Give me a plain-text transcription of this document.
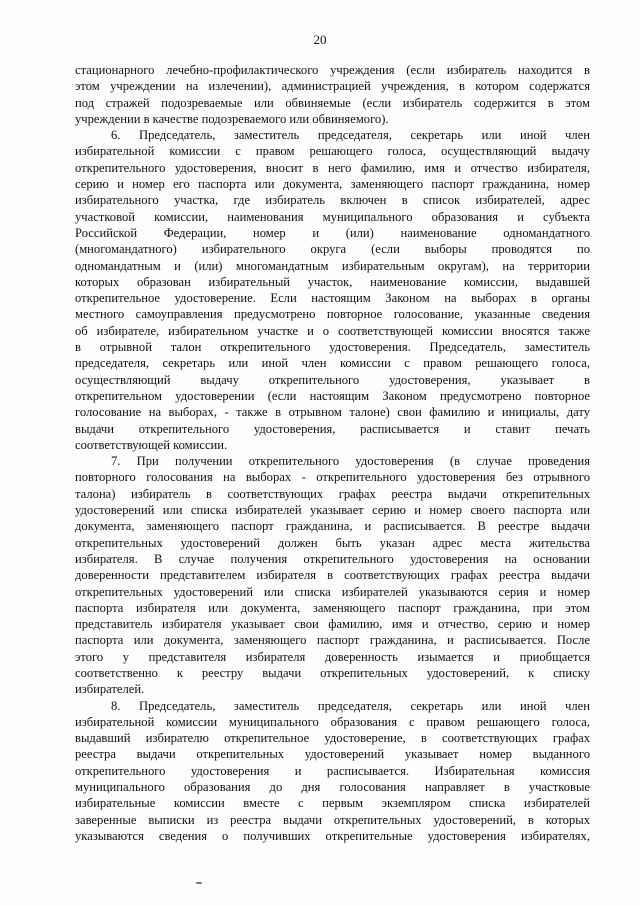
20

стационарного лечебно-профилактического учреждения (если избиратель находится в

этом учреждении на излечении), администрацией учреждения, в котором содержатся

под стражей подозреваемые или обвиняемые (если избиратель содержится в этом

учреждении в качестве подозреваемого или обвиняемого).

6. Председатель, заместитель председателя, секретарь или иной член

избирательной комиссии с правом решающего голоса, осуществляющий выдачу

открепительного удостоверения, вносит в него фамилию, имя и отчество избирателя,

серию и номер его паспорта или документа, заменяющего паспорт гражданина, номер

избирательного участка, где избиратель включен в список избирателей, адрес

участковой комиссии, наименования муниципального образования и субъекта

Российской Федерации, номер и (или) наименование одномандатного

(многомандатного) избирательного округа (если выборы проводятся по

одномандатным и (или) многомандатным избирательным округам), на территории

которых образован избирательный участок, наименование комиссии, выдавшей

открепительное удостоверение. Если настоящим Законом на выборах в органы

местного самоуправления предусмотрено повторное голосование, указанные сведения

об избирателе, избирательном участке и о соответствующей комиссии вносятся также

в отрывной талон открепительного удостоверения. Председатель, заместитель

председателя, секретарь или иной член комиссии с правом решающего голоса,

осуществляющий выдачу открепительного удостоверения, указывает в

открепительном удостоверении (если настоящим Законом предусмотрено повторное

голосование на выборах, - также в отрывном талоне) свои фамилию и инициалы, дату

выдачи открепительного удостоверения, расписывается и ставит печать

соответствующей комиссии.

7. При получении открепительного удостоверения (в случае проведения

повторного голосования на выборах - открепительного удостоверения без отрывного

талона) избиратель в соответствующих графах реестра выдачи открепительных

удостоверений или списка избирателей указывает серию и номер своего паспорта или

документа, заменяющего паспорт гражданина, и расписывается. В реестре выдачи

открепительных удостоверений должен быть указан адрес места жительства

избирателя. В случае получения открепительного удостоверения на основании

доверенности представителем избирателя в соответствующих графах реестра выдачи

открепительных удостоверений или списка избирателей указываются серия и номер

паспорта избирателя или документа, заменяющего паспорт гражданина, при этом

представитель избирателя указывает свои фамилию, имя и отчество, серию и номер

паспорта или документа, заменяющего паспорт гражданина, и расписывается. После

этого у представителя избирателя доверенность изымается и приобщается

соответственно к реестру выдачи открепительных удостоверений, к списку

избирателей.

8. Председатель, заместитель председателя, секретарь или иной член

избирательной комиссии муниципального образования с правом решающего голоса,

выдавший избирателю открепительное удостоверение, в соответствующих графах

реестра выдачи открепительных удостоверений указывает номер выданного

открепительного удостоверения и расписывается. Избирательная комиссия

муниципального образования до дня голосования направляет в участковые

избирательные комиссии вместе с первым экземпляром списка избирателей

заверенные выписки из реестра выдачи открепительных удостоверений, в которых

указываются сведения о получивших открепительные удостоверения избирателях,
